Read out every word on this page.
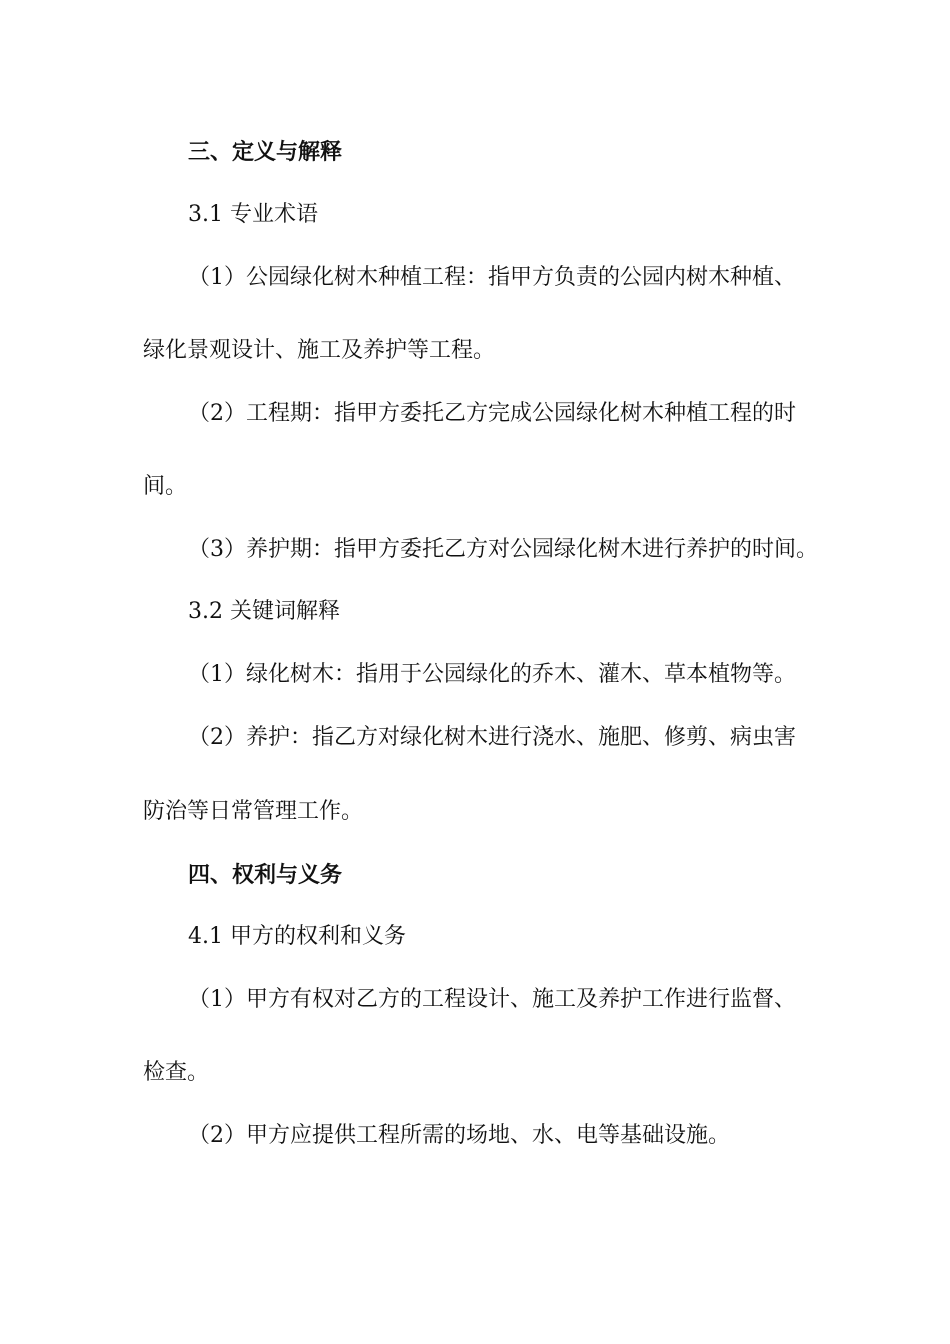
三、定义与解释
3.1 专业术语
（1）公园绿化树木种植工程：指甲方负责的公园内树木种植、
绿化景观设计、施工及养护等工程。
（2）工程期：指甲方委托乙方完成公园绿化树木种植工程的时
间。
（3）养护期：指甲方委托乙方对公园绿化树木进行养护的时间。
3.2 关键词解释
（1）绿化树木：指用于公园绿化的乔木、灌木、草本植物等。
（2）养护：指乙方对绿化树木进行浇水、施肥、修剪、病虫害
防治等日常管理工作。
四、权利与义务
4.1 甲方的权利和义务
（1）甲方有权对乙方的工程设计、施工及养护工作进行监督、
检查。
（2）甲方应提供工程所需的场地、水、电等基础设施。
